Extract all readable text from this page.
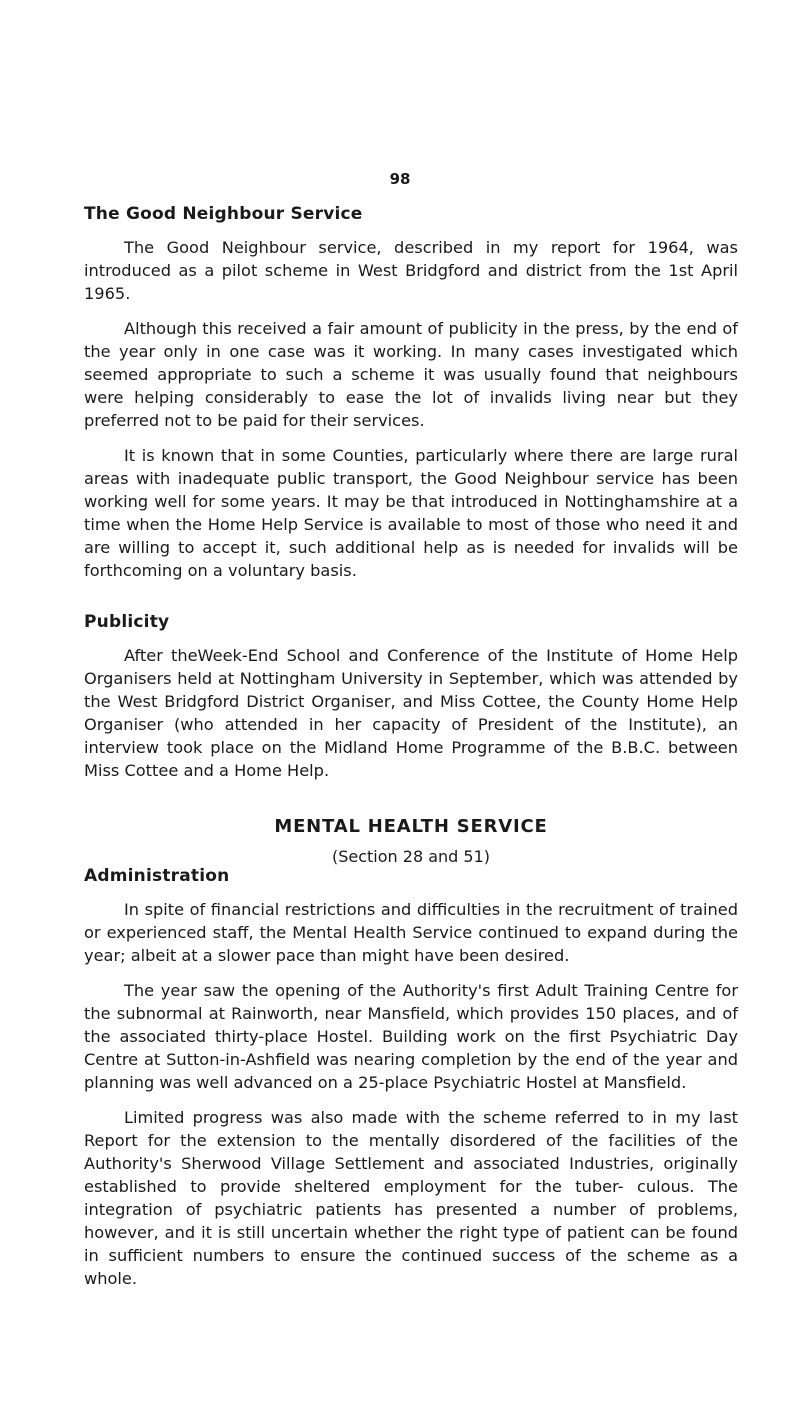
98
The Good Neighbour Service

The Good Neighbour service, described in my report for 1964, was introduced as a pilot scheme in West Bridgford and district from the 1st April 1965.

Although this received a fair amount of publicity in the press, by the end of the year only in one case was it working. In many cases investigated which seemed appropriate to such a scheme it was usually found that neighbours were helping considerably to ease the lot of invalids living near but they preferred not to be paid for their services.

It is known that in some Counties, particularly where there are large rural areas with inadequate public transport, the Good Neighbour service has been working well for some years. It may be that introduced in Nottinghamshire at a time when the Home Help Service is available to most of those who need it and are willing to accept it, such additional help as is needed for invalids will be forthcoming on a voluntary basis.

Publicity

After theWeek-End School and Conference of the Institute of Home Help Organisers held at Nottingham University in September, which was attended by the West Bridgford District Organiser, and Miss Cottee, the County Home Help Organiser (who attended in her capacity of President of the Institute), an interview took place on the Midland Home Programme of the B.B.C. between Miss Cottee and a Home Help.

MENTAL HEALTH SERVICE
(Section 28 and 51)
Administration

In spite of financial restrictions and difficulties in the recruitment of trained or experienced staff, the Mental Health Service continued to expand during the year; albeit at a slower pace than might have been desired.

The year saw the opening of the Authority's first Adult Training Centre for the subnormal at Rainworth, near Mansfield, which provides 150 places, and of the associated thirty-place Hostel. Building work on the first Psychiatric Day Centre at Sutton-in-Ashfield was nearing completion by the end of the year and planning was well advanced on a 25-place Psychiatric Hostel at Mansfield.

Limited progress was also made with the scheme referred to in my last Report for the extension to the mentally disordered of the facilities of the Authority's Sherwood Village Settlement and associated Industries, originally established to provide sheltered employment for the tuber- culous. The integration of psychiatric patients has presented a number of problems, however, and it is still uncertain whether the right type of patient can be found in sufficient numbers to ensure the continued success of the scheme as a whole.
